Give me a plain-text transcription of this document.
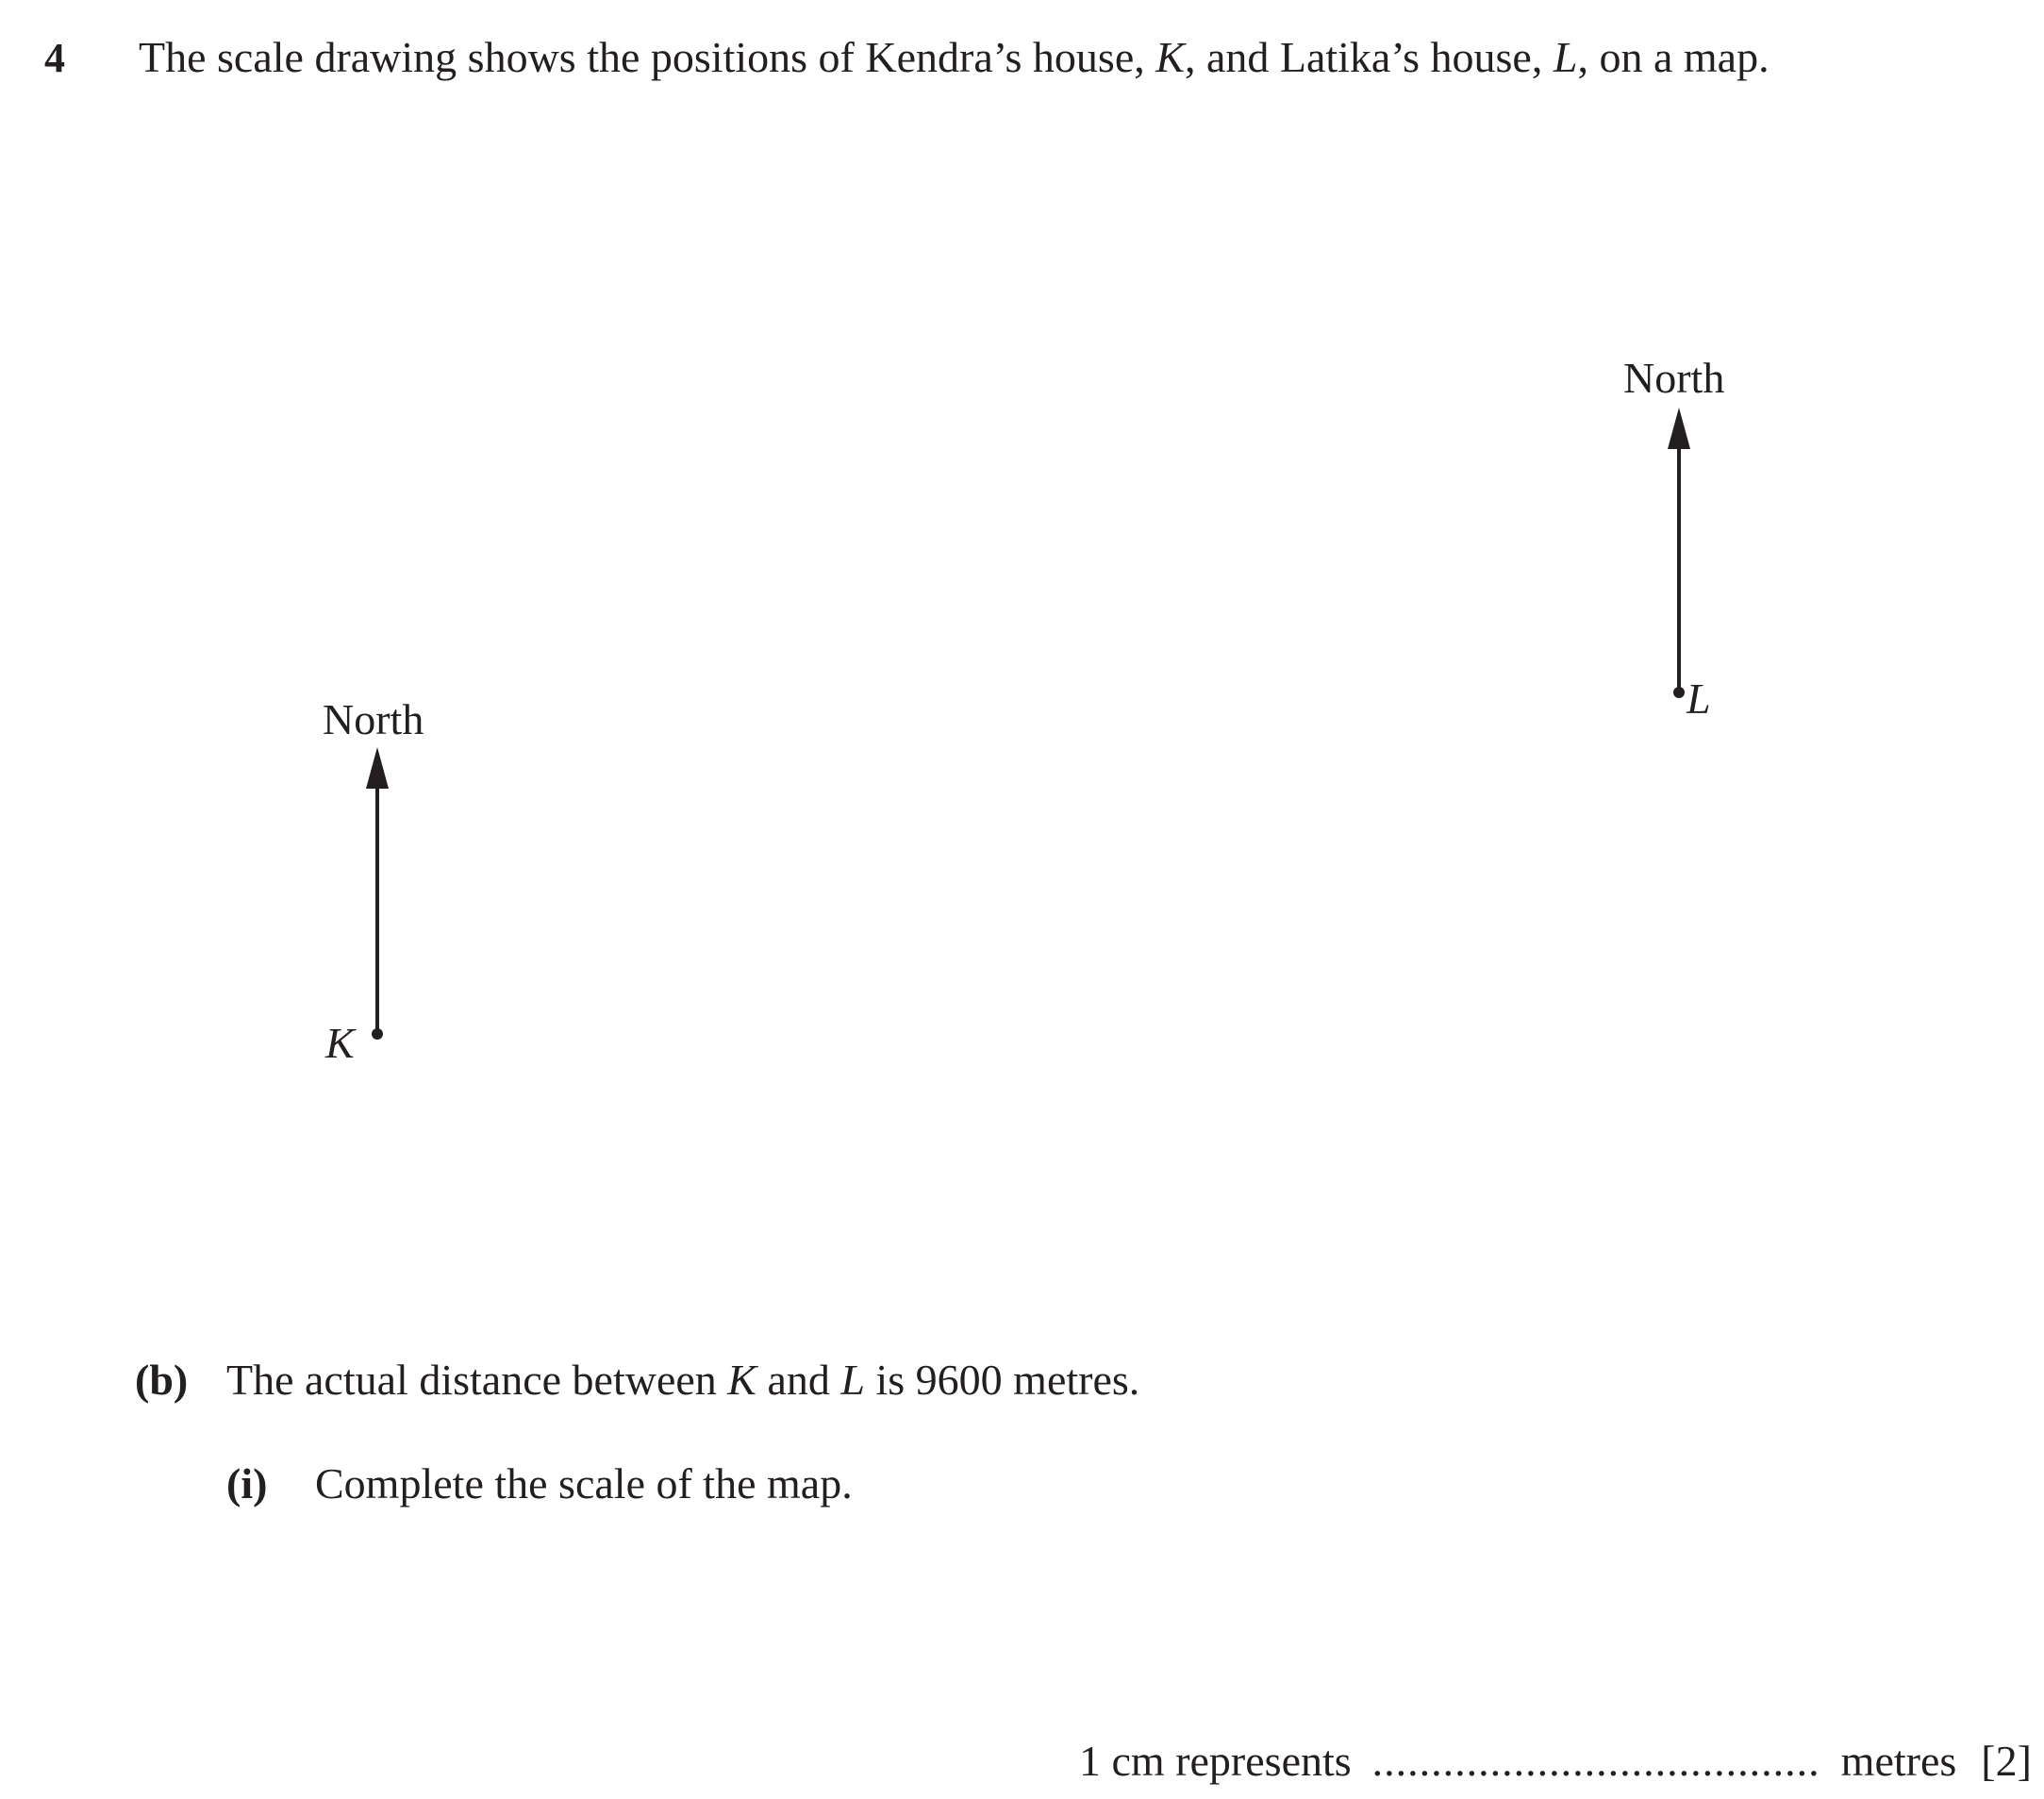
4 The scale drawing shows the positions of Kendra’s house, K, and Latika’s house, L, on a map.
North
North	L
K
(b) The actual distance between K and L is 9600 metres.
(i) Complete the scale of the map.
1 cm represents ...................................... metres [2]
